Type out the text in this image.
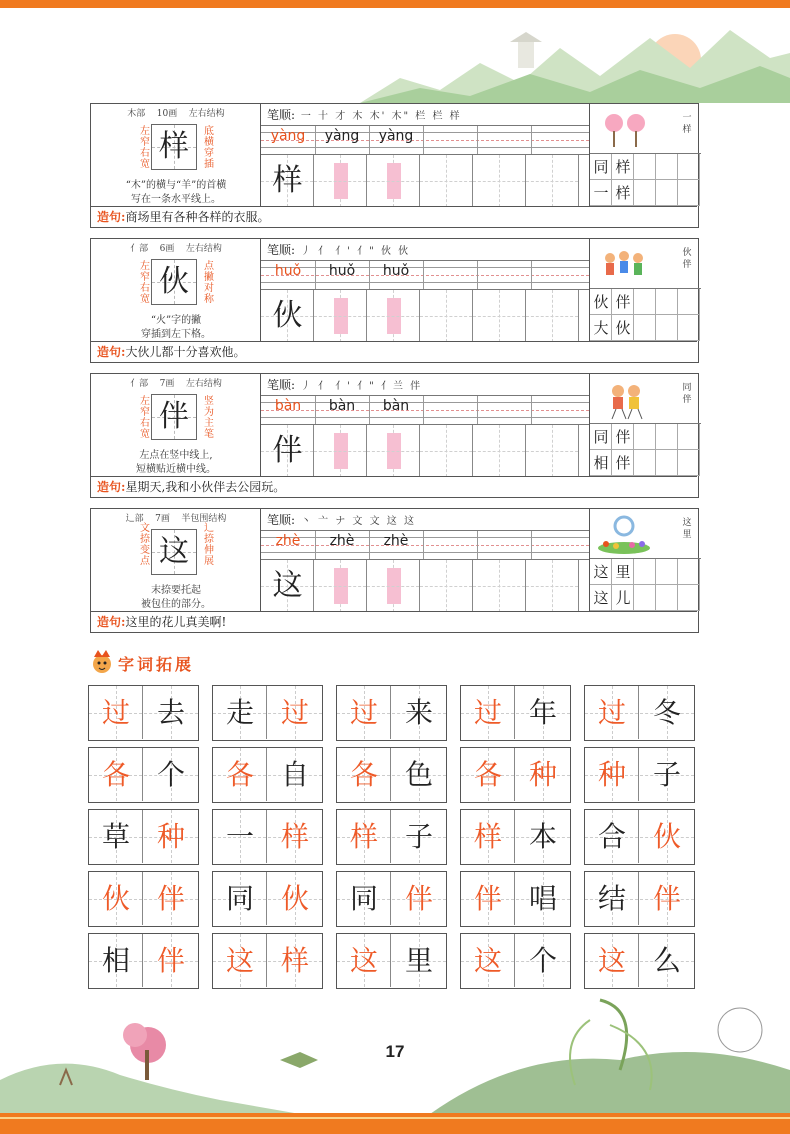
木部 10画 左右结构
左窄右宽
样	底横穿插
“木”的横与“羊”的首横
写在一条水平线上。
笔顺: 一 十 才 木 木' 木" 栏 栏 样
yàng	yàng	yàng
样
一样
同 样
一 样
造句:商场里有各种各样的衣服。
亻部 6画 左右结构
左窄右宽
伙	点撇对称
“火”字的撇
穿插到左下格。
笔顺: 丿 亻 亻' 亻" 伙 伙
huǒ	huǒ	huǒ
伙
伙伴
伙 伴
大 伙
造句:大伙儿都十分喜欢他。
亻部 7画 左右结构
左窄右宽
伴	竖为主笔
左点在竖中线上,
短横贴近横中线。
笔顺: 丿 亻 亻' 亻" 亻兰 伴
bàn	bàn	bàn
伴
同伴
同 伴
相 伴
造句:星期天,我和小伙伴去公园玩。
辶部 7画 半包围结构
文
捺变点 这
辶
捺伸展
末捺要托起
被包住的部分。
笔顺: 丶 亠 ナ 文 文 这 这
zhè	zhè	zhè
这
这里
这 里
这 儿
造句:这里的花儿真美啊!
字词拓展
过 去	走 过	过 来	过 年	过 冬
各 个	各 自	各 色	各 种	种 子
草 种	一 样	样 子	样 本	合 伙
伙 伴	同 伙	同 伴	伴 唱	结 伴
相 伴	这 样	这 里	这 个	这 么
17
